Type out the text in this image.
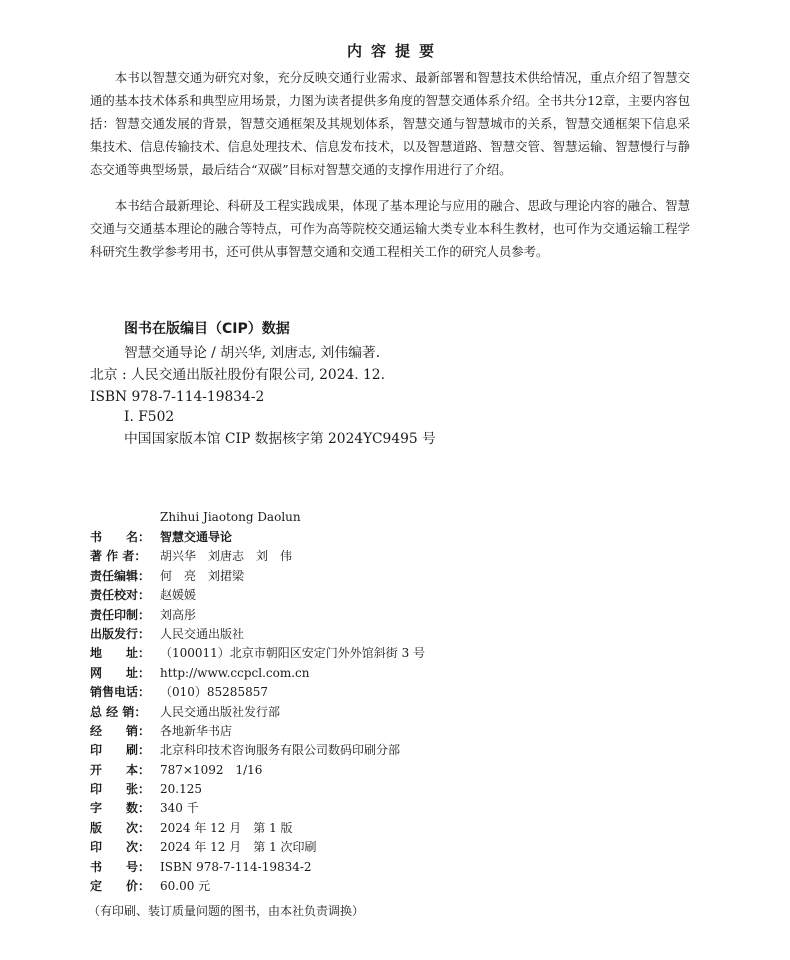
内容提要

本书以智慧交通为研究对象，充分反映交通行业需求、最新部署和智慧技术供给情况，重点介绍了智慧交通的基本技术体系和典型应用场景，力图为读者提供多角度的智慧交通体系介绍。全书共分12章，主要内容包括：智慧交通发展的背景，智慧交通框架及其规划体系，智慧交通与智慧城市的关系，智慧交通框架下信息采集技术、信息传输技术、信息处理技术、信息发布技术，以及智慧道路、智慧交管、智慧运输、智慧慢行与静态交通等典型场景，最后结合“双碳”目标对智慧交通的支撑作用进行了介绍。

本书结合最新理论、科研及工程实践成果，体现了基本理论与应用的融合、思政与理论内容的融合、智慧交通与交通基本理论的融合等特点，可作为高等院校交通运输大类专业本科生教材，也可作为交通运输工程学科研究生教学参考用书，还可供从事智慧交通和交通工程相关工作的研究人员参考。

图书在版编目（CIP）数据
智慧交通导论 / 胡兴华, 刘唐志, 刘伟编著.
北京 : 人民交通出版社股份有限公司, 2024. 12.
ISBN 978-7-114-19834-2
Ⅰ. F502
中国国家版本馆 CIP 数据核字第 2024YC9495 号
Zhihui Jiaotong Daolun
书　　名： 智慧交通导论
著 作 者：	胡兴华　刘唐志　刘　伟
责任编辑： 何　亮　刘捃梁
责任校对： 赵媛媛
责任印制： 刘高彤
出版发行： 人民交通出版社
地　　址： （100011）北京市朝阳区安定门外外馆斜街 3 号
网　　址： http://www.ccpcl.com.cn
销售电话： （010）85285857
总 经 销：	人民交通出版社发行部
经　　销： 各地新华书店
印　　刷： 北京科印技术咨询服务有限公司数码印刷分部
开　　本： 787×1092　1/16
印　　张： 20.125
字　　数： 340 千
版　　次： 2024 年 12 月　第 1 版
印　　次： 2024 年 12 月　第 1 次印刷
书　　号： ISBN 978-7-114-19834-2
定　　价： 60.00 元
（有印刷、装订质量问题的图书，由本社负责调换）
